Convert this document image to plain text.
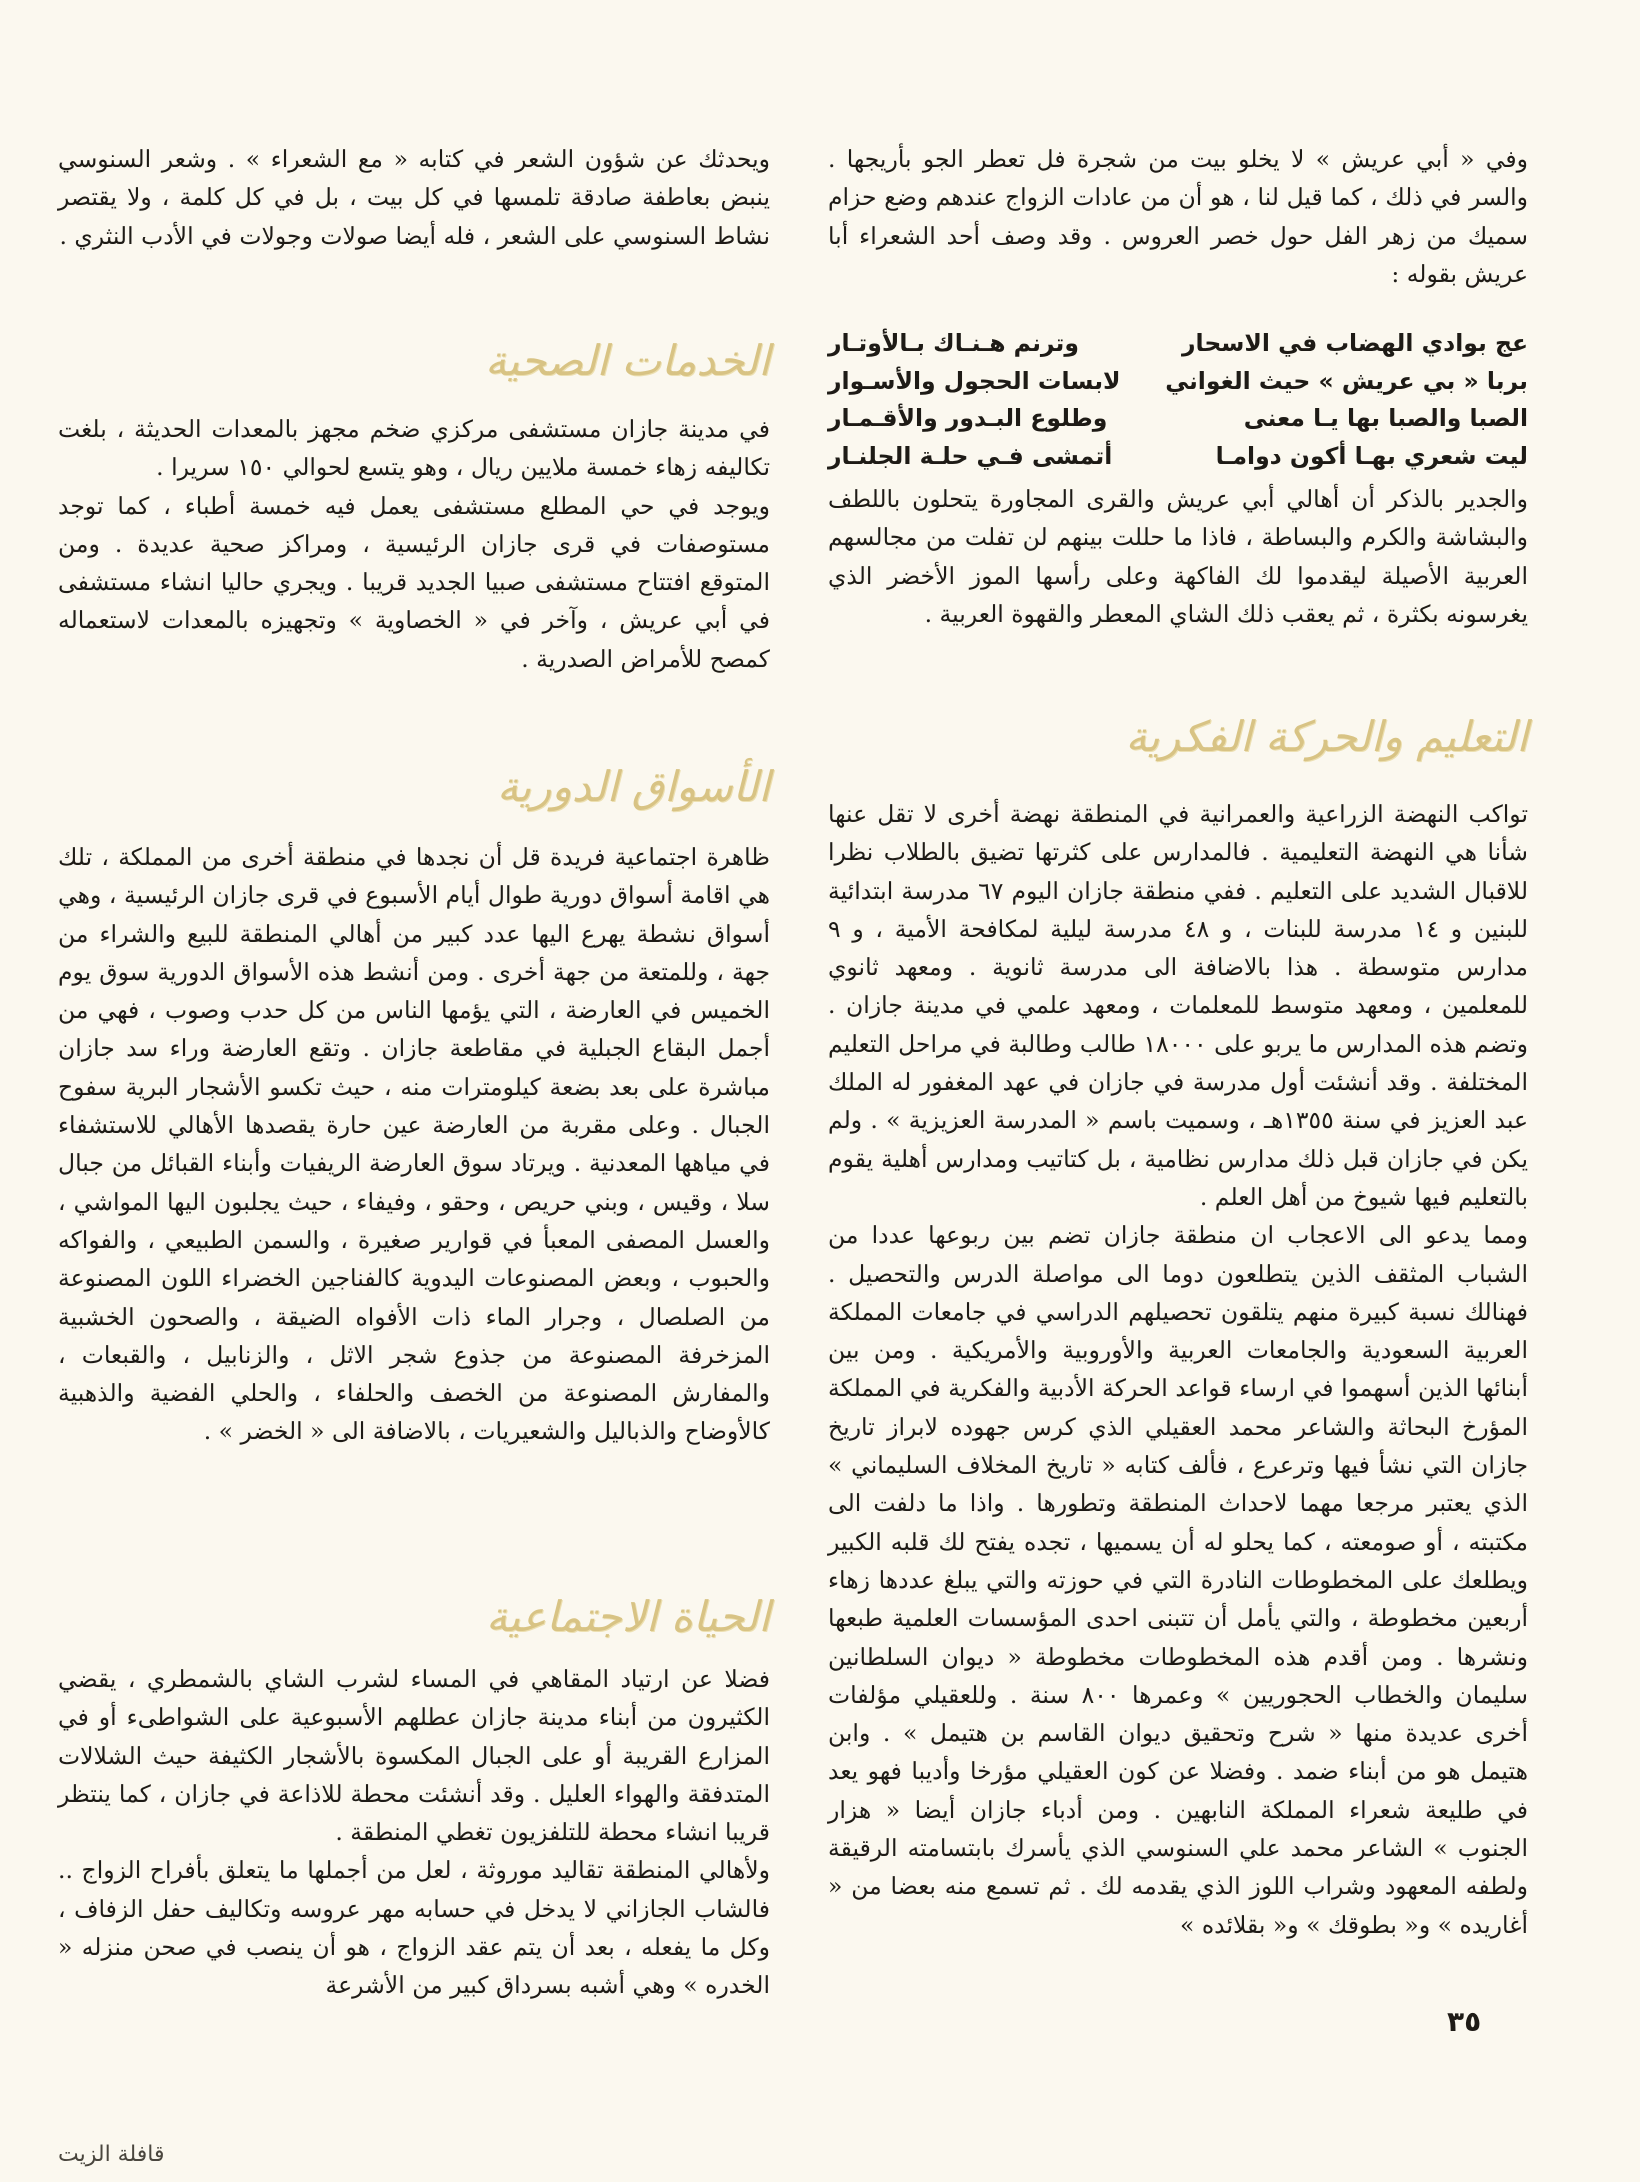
وفي « أبي عريش » لا يخلو بيت من شجرة فل تعطر الجو بأريجها . والسر في ذلك ، كما قيل لنا ، هو أن من عادات الزواج عندهم وضع حزام سميك من زهر الفل حول خصر العروس . وقد وصف أحد الشعراء أبا عريش بقوله :

عج بوادي الهضاب في الاسحار
وترنم هـنـاك بـالأوتـار
بربا « بي عريش » حيث الغواني
لابسات الحجول والأسـوار
الصبا والصبا بها يـا معنى
وطلوع البـدور والأقـمـار
ليت شعري بهـا أكون دوامـا
أتمشى فـي حلـة الجلنـار

والجدير بالذكر أن أهالي أبي عريش والقرى المجاورة يتحلون باللطف والبشاشة والكرم والبساطة ، فاذا ما حللت بينهم لن تفلت من مجالسهم العربية الأصيلة ليقدموا لك الفاكهة وعلى رأسها الموز الأخضر الذي يغرسونه بكثرة ، ثم يعقب ذلك الشاي المعطر والقهوة العربية .

التعليم والحركة الفكرية

تواكب النهضة الزراعية والعمرانية في المنطقة نهضة أخرى لا تقل عنها شأنا هي النهضة التعليمية . فالمدارس على كثرتها تضيق بالطلاب نظرا للاقبال الشديد على التعليم . ففي منطقة جازان اليوم ٦٧ مدرسة ابتدائية للبنين و ١٤ مدرسة للبنات ، و ٤٨ مدرسة ليلية لمكافحة الأمية ، و ٩ مدارس متوسطة . هذا بالاضافة الى مدرسة ثانوية . ومعهد ثانوي للمعلمين ، ومعهد متوسط للمعلمات ، ومعهد علمي في مدينة جازان . وتضم هذه المدارس ما يربو على ١٨٠٠٠ طالب وطالبة في مراحل التعليم المختلفة . وقد أنشئت أول مدرسة في جازان في عهد المغفور له الملك عبد العزيز في سنة ١٣٥٥هـ ، وسميت باسم « المدرسة العزيزية » . ولم يكن في جازان قبل ذلك مدارس نظامية ، بل كتاتيب ومدارس أهلية يقوم بالتعليم فيها شيوخ من أهل العلم .

ومما يدعو الى الاعجاب ان منطقة جازان تضم بين ربوعها عددا من الشباب المثقف الذين يتطلعون دوما الى مواصلة الدرس والتحصيل . فهنالك نسبة كبيرة منهم يتلقون تحصيلهم الدراسي في جامعات المملكة العربية السعودية والجامعات العربية والأوروبية والأمريكية . ومن بين أبنائها الذين أسهموا في ارساء قواعد الحركة الأدبية والفكرية في المملكة المؤرخ البحاثة والشاعر محمد العقيلي الذي كرس جهوده لابراز تاريخ جازان التي نشأ فيها وترعرع ، فألف كتابه « تاريخ المخلاف السليماني » الذي يعتبر مرجعا مهما لاحداث المنطقة وتطورها . واذا ما دلفت الى مكتبته ، أو صومعته ، كما يحلو له أن يسميها ، تجده يفتح لك قلبه الكبير ويطلعك على المخطوطات النادرة التي في حوزته والتي يبلغ عددها زهاء أربعين مخطوطة ، والتي يأمل أن تتبنى احدى المؤسسات العلمية طبعها ونشرها . ومن أقدم هذه المخطوطات مخطوطة « ديوان السلطانين سليمان والخطاب الحجوريين » وعمرها ٨٠٠ سنة . وللعقيلي مؤلفات أخرى عديدة منها « شرح وتحقيق ديوان القاسم بن هتيمل » . وابن هتيمل هو من أبناء ضمد . وفضلا عن كون العقيلي مؤرخا وأديبا فهو يعد في طليعة شعراء المملكة النابهين . ومن أدباء جازان أيضا « هزار الجنوب » الشاعر محمد علي السنوسي الذي يأسرك بابتسامته الرقيقة ولطفه المعهود وشراب اللوز الذي يقدمه لك . ثم تسمع منه بعضا من « أغاريده » و« بطوقك » و« بقلائده »

ويحدثك عن شؤون الشعر في كتابه « مع الشعراء » . وشعر السنوسي ينبض بعاطفة صادقة تلمسها في كل بيت ، بل في كل كلمة ، ولا يقتصر نشاط السنوسي على الشعر ، فله أيضا صولات وجولات في الأدب النثري .

الخدمات الصحية

في مدينة جازان مستشفى مركزي ضخم مجهز بالمعدات الحديثة ، بلغت تكاليفه زهاء خمسة ملايين ريال ، وهو يتسع لحوالي ١٥٠ سريرا .

ويوجد في حي المطلع مستشفى يعمل فيه خمسة أطباء ، كما توجد مستوصفات في قرى جازان الرئيسية ، ومراكز صحية عديدة . ومن المتوقع افتتاح مستشفى صبيا الجديد قريبا . ويجري حاليا انشاء مستشفى في أبي عريش ، وآخر في « الخصاوية » وتجهيزه بالمعدات لاستعماله كمصح للأمراض الصدرية .

الأسواق الدورية

ظاهرة اجتماعية فريدة قل أن نجدها في منطقة أخرى من المملكة ، تلك هي اقامة أسواق دورية طوال أيام الأسبوع في قرى جازان الرئيسية ، وهي أسواق نشطة يهرع اليها عدد كبير من أهالي المنطقة للبيع والشراء من جهة ، وللمتعة من جهة أخرى . ومن أنشط هذه الأسواق الدورية سوق يوم الخميس في العارضة ، التي يؤمها الناس من كل حدب وصوب ، فهي من أجمل البقاع الجبلية في مقاطعة جازان . وتقع العارضة وراء سد جازان مباشرة على بعد بضعة كيلومترات منه ، حيث تكسو الأشجار البرية سفوح الجبال . وعلى مقربة من العارضة عين حارة يقصدها الأهالي للاستشفاء في مياهها المعدنية . ويرتاد سوق العارضة الريفيات وأبناء القبائل من جبال سلا ، وقيس ، وبني حريص ، وحقو ، وفيفاء ، حيث يجلبون اليها المواشي ، والعسل المصفى المعبأ في قوارير صغيرة ، والسمن الطبيعي ، والفواكه والحبوب ، وبعض المصنوعات اليدوية كالفناجين الخضراء اللون المصنوعة من الصلصال ، وجرار الماء ذات الأفواه الضيقة ، والصحون الخشبية المزخرفة المصنوعة من جذوع شجر الاثل ، والزنابيل ، والقبعات ، والمفارش المصنوعة من الخصف والحلفاء ، والحلي الفضية والذهبية كالأوضاح والذباليل والشعيريات ، بالاضافة الى « الخضر » .

الحياة الاجتماعية

فضلا عن ارتياد المقاهي في المساء لشرب الشاي بالشمطري ، يقضي الكثيرون من أبناء مدينة جازان عطلهم الأسبوعية على الشواطىء أو في المزارع القريبة أو على الجبال المكسوة بالأشجار الكثيفة حيث الشلالات المتدفقة والهواء العليل . وقد أنشئت محطة للاذاعة في جازان ، كما ينتظر قريبا انشاء محطة للتلفزيون تغطي المنطقة .

ولأهالي المنطقة تقاليد موروثة ، لعل من أجملها ما يتعلق بأفراح الزواج .. فالشاب الجازاني لا يدخل في حسابه مهر عروسه وتكاليف حفل الزفاف ، وكل ما يفعله ، بعد أن يتم عقد الزواج ، هو أن ينصب في صحن منزله « الخدره » وهي أشبه بسرداق كبير من الأشرعة

٣٥
قافلة الزيت
